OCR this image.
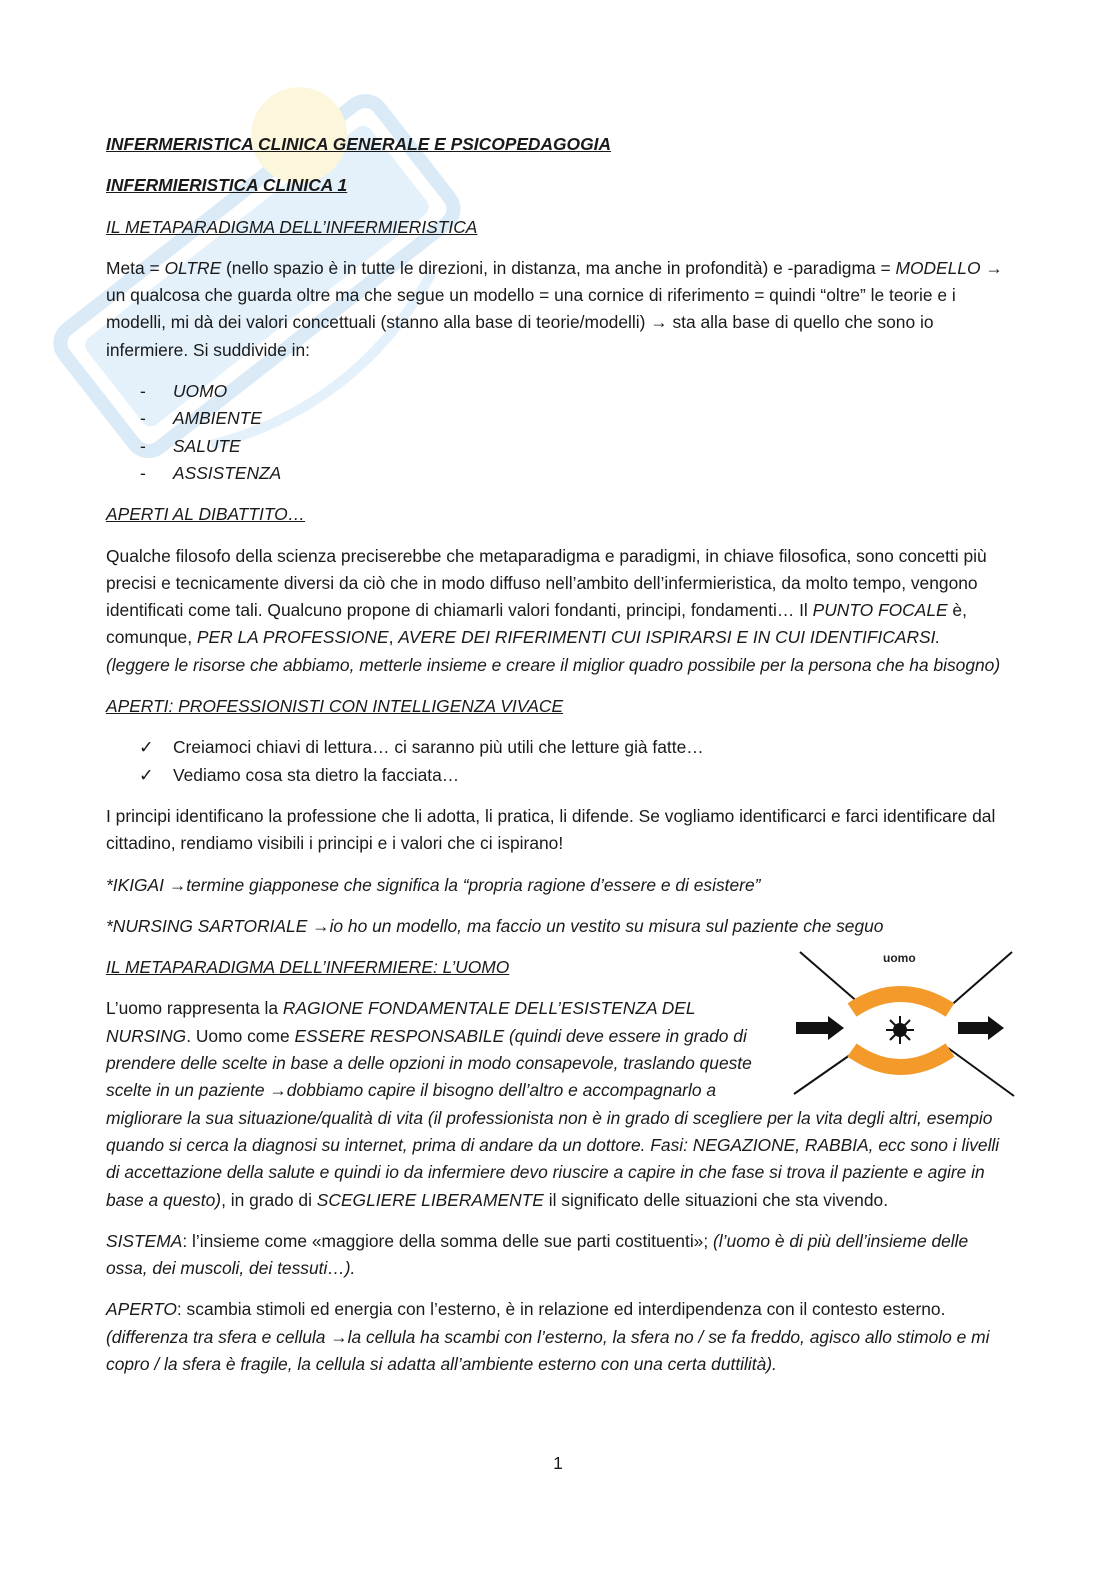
INFERMERISTICA CLINICA GENERALE E PSICOPEDAGOGIA
INFERMIERISTICA CLINICA 1
IL METAPARADIGMA DELL’INFERMIERISTICA

Meta = OLTRE (nello spazio è in tutte le direzioni, in distanza, ma anche in profondità) e -paradigma = MODELLO → un qualcosa che guarda oltre ma che segue un modello = una cornice di riferimento = quindi “oltre” le teorie e i modelli, mi dà dei valori concettuali (stanno alla base di teorie/modelli) → sta alla base di quello che sono io infermiere. Si suddivide in:

- UOMO
- AMBIENTE
- SALUTE
- ASSISTENZA
APERTI AL DIBATTITO…

Qualche filosofo della scienza preciserebbe che metaparadigma e paradigmi, in chiave filosofica, sono concetti più precisi e tecnicamente diversi da ciò che in modo diffuso nell’ambito dell’infermieristica, da molto tempo, vengono identificati come tali. Qualcuno propone di chiamarli valori fondanti, principi, fondamenti… Il PUNTO FOCALE è, comunque, PER LA PROFESSIONE, AVERE DEI RIFERIMENTI CUI ISPIRARSI E IN CUI IDENTIFICARSI. (leggere le risorse che abbiamo, metterle insieme e creare il miglior quadro possibile per la persona che ha bisogno)

APERTI: PROFESSIONISTI CON INTELLIGENZA VIVACE
✓ Creiamoci chiavi di lettura… ci saranno più utili che letture già fatte…
✓ Vediamo cosa sta dietro la facciata…

I principi identificano la professione che li adotta, li pratica, li difende. Se vogliamo identificarci e farci identificare dal cittadino, rendiamo visibili i principi e i valori che ci ispirano!

*IKIGAI →termine giapponese che significa la “propria ragione d’essere e di esistere”

*NURSING SARTORIALE →io ho un modello, ma faccio un vestito su misura sul paziente che seguo

uomo
IL METAPARADIGMA DELL’INFERMIERE: L’UOMO

L’uomo rappresenta la RAGIONE FONDAMENTALE DELL’ESISTENZA DEL NURSING. Uomo come ESSERE RESPONSABILE (quindi deve essere in grado di prendere delle scelte in base a delle opzioni in modo consapevole, traslando queste scelte in un paziente →dobbiamo capire il bisogno dell’altro e accompagnarlo a migliorare la sua situazione/qualità di vita (il professionista non è in grado di scegliere per la vita degli altri, esempio quando si cerca la diagnosi su internet, prima di andare da un dottore. Fasi: NEGAZIONE, RABBIA, ecc sono i livelli di accettazione della salute e quindi io da infermiere devo riuscire a capire in che fase si trova il paziente e agire in base a questo), in grado di SCEGLIERE LIBERAMENTE il significato delle situazioni che sta vivendo.

SISTEMA: l’insieme come «maggiore della somma delle sue parti costituenti»; (l’uomo è di più dell’insieme delle ossa, dei muscoli, dei tessuti…).

APERTO: scambia stimoli ed energia con l’esterno, è in relazione ed interdipendenza con il contesto esterno. (differenza tra sfera e cellula →la cellula ha scambi con l’esterno, la sfera no / se fa freddo, agisco allo stimolo e mi copro / la sfera è fragile, la cellula si adatta all’ambiente esterno con una certa duttilità).

1
